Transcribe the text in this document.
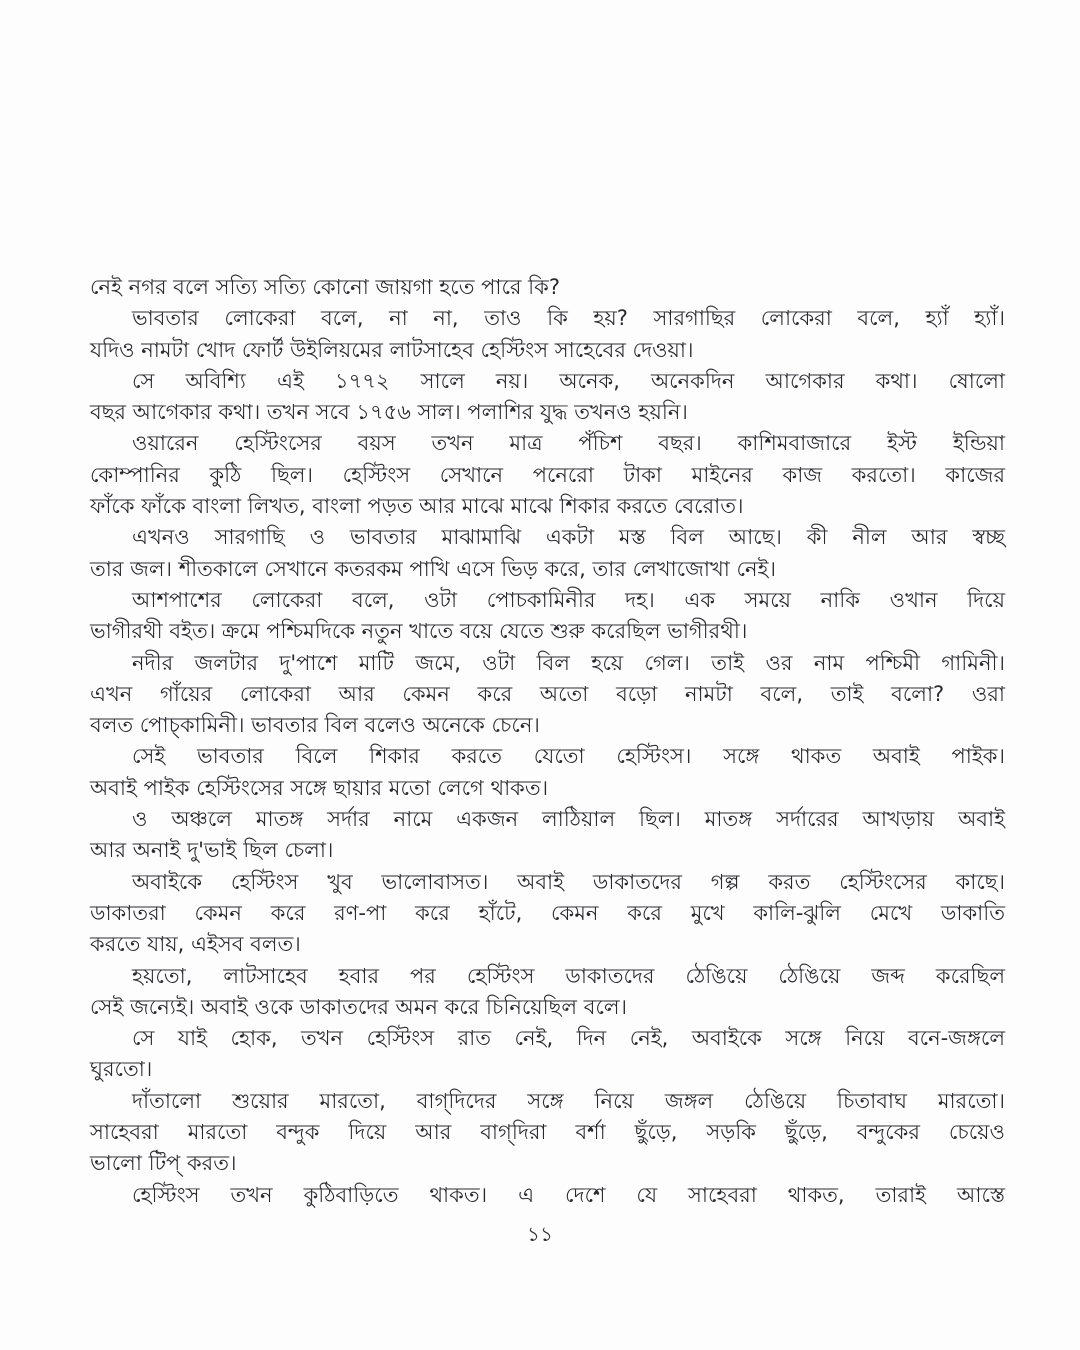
নেই নগর বলে সত্যি সত্যি কোনো জায়গা হতে পারে কি?
ভাবতার লোকেরা বলে, না না, তাও কি হয়? সারগাছির লোকেরা বলে, হ্যাঁ হ্যাঁ।
যদিও নামটা খোদ ফোর্ট উইলিয়মের লাটসাহেব হেস্টিংস সাহেবের দেওয়া।
সে অবিশ্যি এই ১৭৭২ সালে নয়। অনেক, অনেকদিন আগেকার কথা। ষোলো
বছর আগেকার কথা। তখন সবে ১৭৫৬ সাল। পলাশির যুদ্ধ তখনও হয়নি।
ওয়ারেন হেস্টিংসের বয়স তখন মাত্র পঁচিশ বছর। কাশিমবাজারে ইস্ট ইন্ডিয়া
কোম্পানির কুঠি ছিল। হেস্টিংস সেখানে পনেরো টাকা মাইনের কাজ করতো। কাজের
ফাঁকে ফাঁকে বাংলা লিখত, বাংলা পড়ত আর মাঝে মাঝে শিকার করতে বেরোত।
এখনও সারগাছি ও ভাবতার মাঝামাঝি একটা মস্ত বিল আছে। কী নীল আর স্বচ্ছ
তার জল। শীতকালে সেখানে কতরকম পাখি এসে ভিড় করে, তার লেখাজোখা নেই।
আশপাশের লোকেরা বলে, ওটা পোচকামিনীর দহ। এক সময়ে নাকি ওখান দিয়ে
ভাগীরথী বইত। ক্রমে পশ্চিমদিকে নতুন খাতে বয়ে যেতে শুরু করেছিল ভাগীরথী।
নদীর জলটার দু'পাশে মাটি জমে, ওটা বিল হয়ে গেল। তাই ওর নাম পশ্চিমী গামিনী।
এখন গাঁয়ের লোকেরা আর কেমন করে অতো বড়ো নামটা বলে, তাই বলো? ওরা
বলত পোচ্‌কামিনী। ভাবতার বিল বলেও অনেকে চেনে।
সেই ভাবতার বিলে শিকার করতে যেতো হেস্টিংস। সঙ্গে থাকত অবাই পাইক।
অবাই পাইক হেস্টিংসের সঙ্গে ছায়ার মতো লেগে থাকত।
ও অঞ্চলে মাতঙ্গ সর্দার নামে একজন লাঠিয়াল ছিল। মাতঙ্গ সর্দারের আখড়ায় অবাই
আর অনাই দু'ভাই ছিল চেলা।
অবাইকে হেস্টিংস খুব ভালোবাসত। অবাই ডাকাতদের গল্প করত হেস্টিংসের কাছে।
ডাকাতরা কেমন করে রণ-পা করে হাঁটে, কেমন করে মুখে কালি-ঝুলি মেখে ডাকাতি
করতে যায়, এইসব বলত।
হয়তো, লাটসাহেব হবার পর হেস্টিংস ডাকাতদের ঠেঙিয়ে ঠেঙিয়ে জব্দ করেছিল
সেই জন্যেই। অবাই ওকে ডাকাতদের অমন করে চিনিয়েছিল বলে।
সে যাই হোক, তখন হেস্টিংস রাত নেই, দিন নেই, অবাইকে সঙ্গে নিয়ে বনে-জঙ্গলে
ঘুরতো।
দাঁতালো শুয়োর মারতো, বাগ্‌দিদের সঙ্গে নিয়ে জঙ্গল ঠেঙিয়ে চিতাবাঘ মারতো।
সাহেবরা মারতো বন্দুক দিয়ে আর বাগ্‌দিরা বর্শা ছুঁড়ে, সড়কি ছুঁড়ে, বন্দুকের চেয়েও
ভালো টিপ্ করত।
হেস্টিংস তখন কুঠিবাড়িতে থাকত। এ দেশে যে সাহেবরা থাকত, তারাই আস্তে
১১
